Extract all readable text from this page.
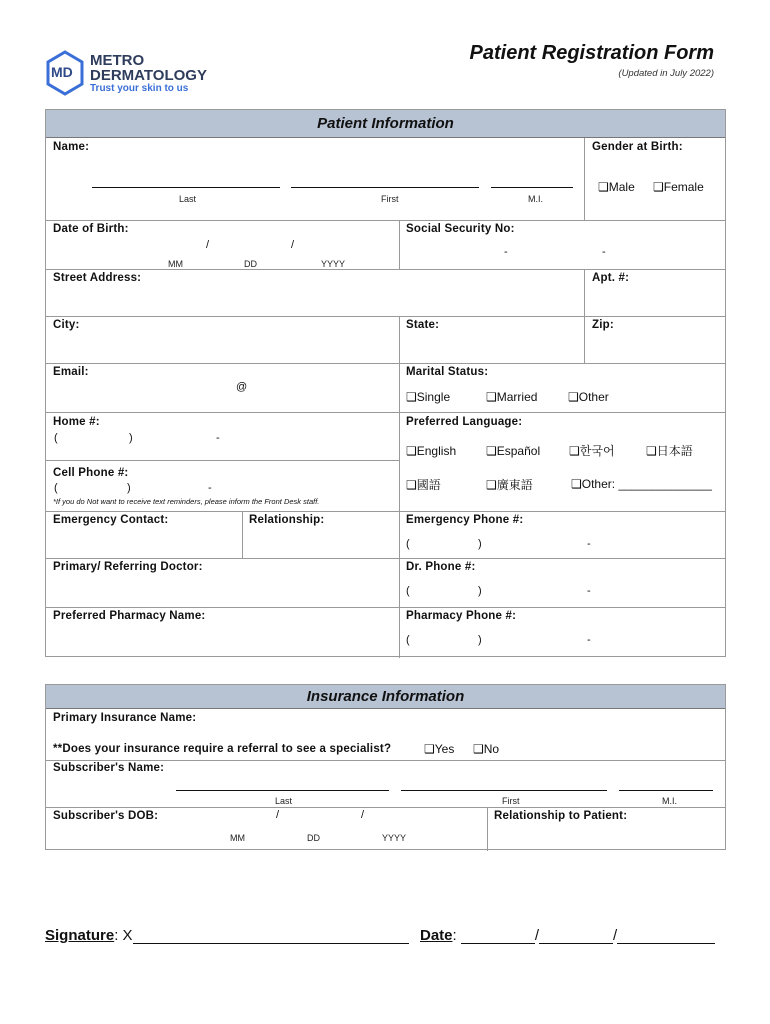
MD
METRO
DERMATOLOGY
Trust your skin to us
Patient Registration Form
(Updated in July 2022)
Patient Information
Name:
Last	First	M.I.
Gender at Birth:
❑Male ❑Female
Date of Birth:
/	/
MM	DD	YYYY
Social Security No:
-	-
Street Address:	Apt. #:
City:	State:	Zip:
Email:
@
Marital Status:
❑Single	❑Married	❑Other
Home #:
(	)	-
Cell Phone #:
(	)	-
*If you do Not want to receive text reminders, please inform the Front Desk staff.
Preferred Language:
❑English ❑Español ❑한국어	❑日本語
❑國語	❑廣東語	❑Other: ______________
Emergency Contact:	Relationship:	Emergency Phone #:
(	)	-
Primary/ Referring Doctor:	Dr. Phone #:
(	)	-
Preferred Pharmacy Name:	Pharmacy Phone #:
(	)	-
Insurance Information
Primary Insurance Name:
**Does your insurance require a referral to see a specialist?	❑Yes ❑No
Subscriber's Name:
Last	First	M.I.
Subscriber's DOB:	/	/
MM	DD	YYYY
Relationship to Patient:
Signature: X	Date:	/	/
